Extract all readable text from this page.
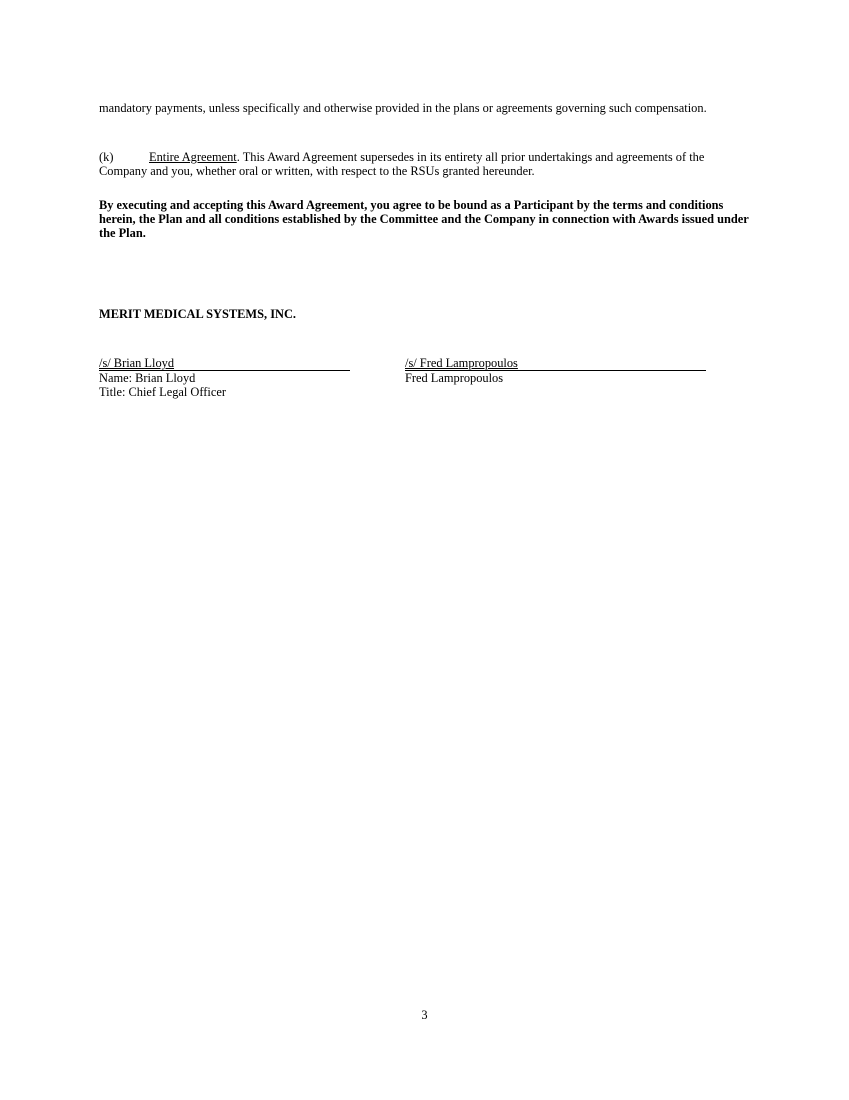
mandatory payments, unless specifically and otherwise provided in the plans or agreements governing such compensation.

(k)	Entire Agreement. This Award Agreement supersedes in its entirety all prior undertakings and agreements of the Company and you, whether oral or written, with respect to the RSUs granted hereunder.

By executing and accepting this Award Agreement, you agree to be bound as a Participant by the terms and conditions herein, the Plan and all conditions established by the Committee and the Company in connection with Awards issued under the Plan.

MERIT MEDICAL SYSTEMS, INC.

/s/ Brian Lloyd
Name: Brian Lloyd
Title: Chief Legal Officer
/s/ Fred Lampropoulos
Fred Lampropoulos
3
